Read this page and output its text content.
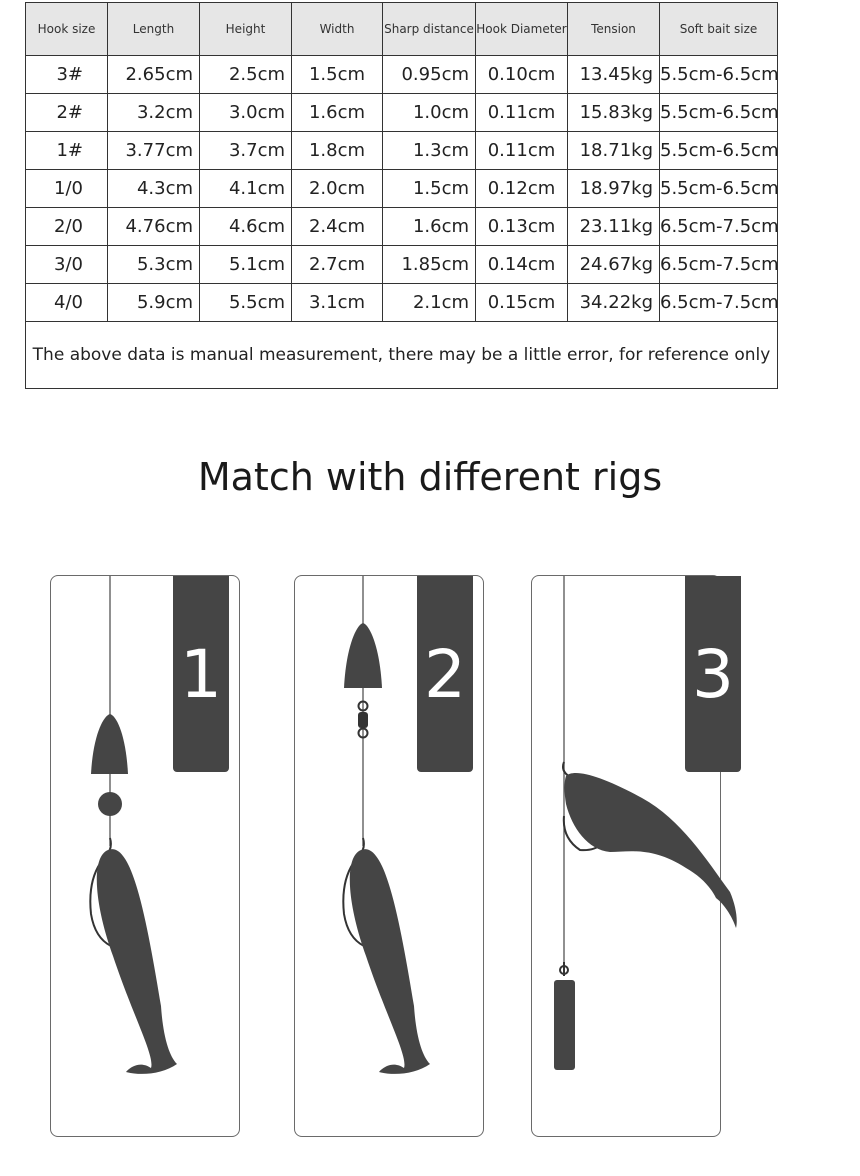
Hook size	Length	Height	Width	Sharp distance	Hook Diameter	Tension	Soft bait size
3#	2.65cm	2.5cm	1.5cm	0.95cm	0.10cm	13.45kg	5.5cm-6.5cm
2#	3.2cm	3.0cm	1.6cm	1.0cm	0.11cm	15.83kg	5.5cm-6.5cm
1#	3.77cm	3.7cm	1.8cm	1.3cm	0.11cm	18.71kg	5.5cm-6.5cm
1/0	4.3cm	4.1cm	2.0cm	1.5cm	0.12cm	18.97kg	5.5cm-6.5cm
2/0	4.76cm	4.6cm	2.4cm	1.6cm	0.13cm	23.11kg	6.5cm-7.5cm
3/0	5.3cm	5.1cm	2.7cm	1.85cm	0.14cm	24.67kg	6.5cm-7.5cm
4/0	5.9cm	5.5cm	3.1cm	2.1cm	0.15cm	34.22kg	6.5cm-7.5cm
The above data is manual measurement, there may be a little error, for reference only							
Match with different rigs
1	2	3
